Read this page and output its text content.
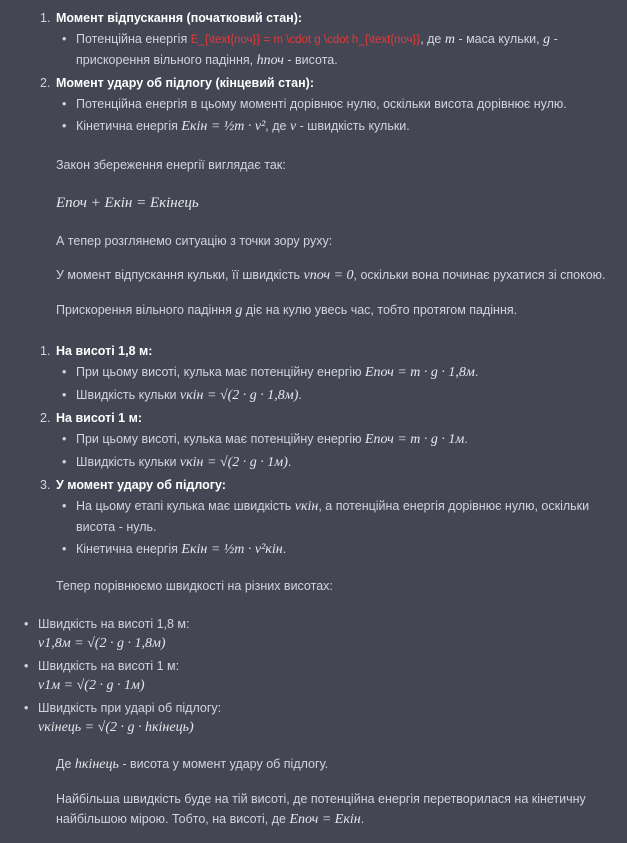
1. Момент відпускання (початковий стан):
• Потенційна енергія E_{\text{поч}} = m \cdot g \cdot h_{\text{поч}}, де m - маса кульки, g - прискорення вільного падіння, hпоч - висота.
2. Момент удару об підлогу (кінцевий стан):
• Потенційна енергія в цьому моменті дорівнює нулю, оскільки висота дорівнює нулю.
• Кінетична енергія Eкін = ½m · v², де v - швидкість кульки.

Закон збереження енергії виглядає так:

Eпоч + Eкін = Eкінець

А тепер розглянемо ситуацію з точки зору руху:

У момент відпускання кульки, її швидкість vпоч = 0, оскільки вона починає рухатися зі спокою.

Прискорення вільного падіння g діє на кулю увесь час, тобто протягом падіння.

1. На висоті 1,8 м:
• При цьому висоті, кулька має потенційну енергію Eпоч = m · g · 1,8м.
• Швидкість кульки vкін = √(2 · g · 1,8м).
2. На висоті 1 м:
• При цьому висоті, кулька має потенційну енергію Eпоч = m · g · 1м.
• Швидкість кульки vкін = √(2 · g · 1м).
3. У момент удару об підлогу:
• На цьому етапі кулька має швидкість vкін, а потенційна енергія дорівнює нулю, оскільки висота - нуль.
• Кінетична енергія Eкін = ½m · v²кін.

Тепер порівнюємо швидкості на різних висотах:

• Швидкість на висоті 1,8 м:
v1,8м = √(2 · g · 1,8м)
• Швидкість на висоті 1 м:
v1м = √(2 · g · 1м)
• Швидкість при ударі об підлогу:
vкінець = √(2 · g · hкінець)

Де hкінець - висота у момент удару об підлогу.

Найбільша швидкість буде на тій висоті, де потенційна енергія перетворилася на кінетичну найбільшою мірою. Тобто, на висоті, де Eпоч = Eкін.
